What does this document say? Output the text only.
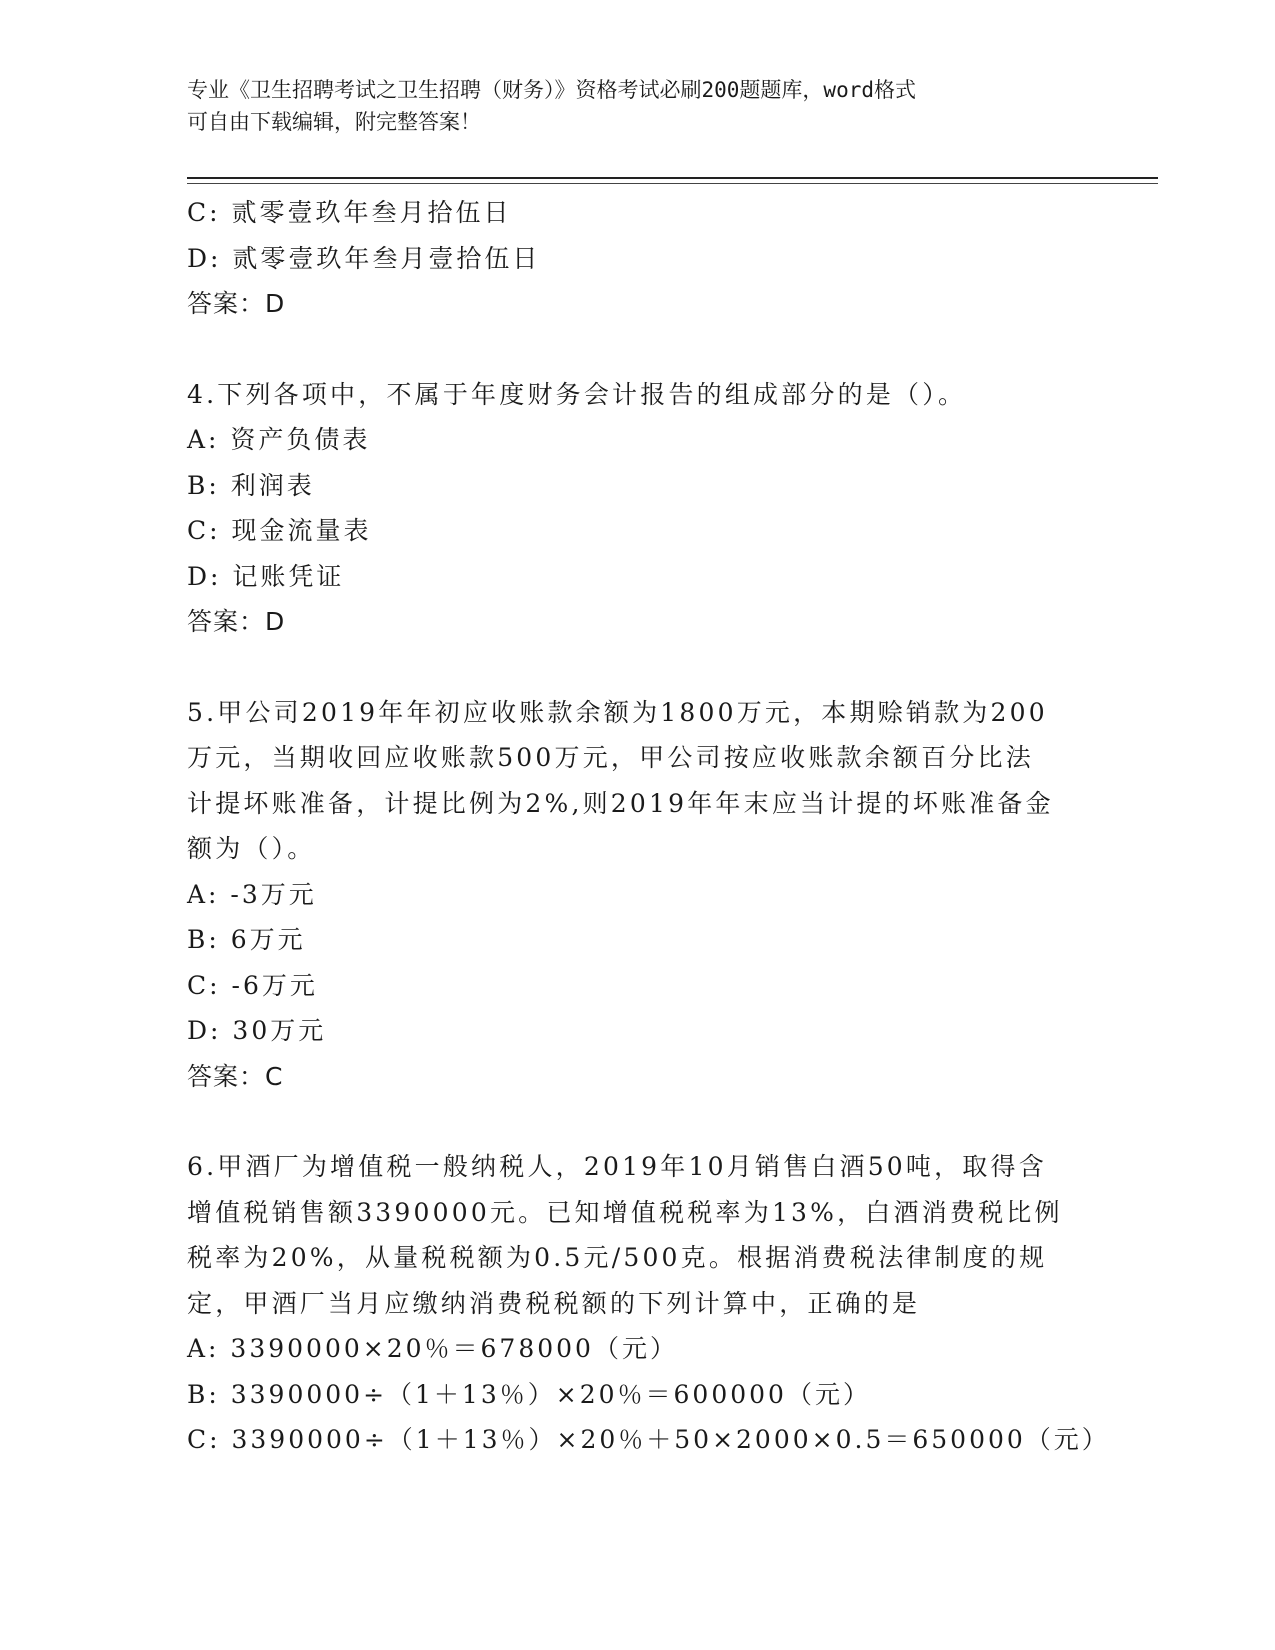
专业《卫生招聘考试之卫生招聘（财务）》资格考试必刷200题题库，word格式
可自由下载编辑，附完整答案！
C: 贰零壹玖年叁月拾伍日
D: 贰零壹玖年叁月壹拾伍日
答案：D
4.下列各项中，不属于年度财务会计报告的组成部分的是（）。
A: 资产负债表
B: 利润表
C: 现金流量表
D: 记账凭证
答案：D
5.甲公司2019年年初应收账款余额为1800万元，本期赊销款为200
万元，当期收回应收账款500万元，甲公司按应收账款余额百分比法
计提坏账准备，计提比例为2%,则2019年年末应当计提的坏账准备金
额为（）。
A: -3万元
B: 6万元
C: -6万元
D: 30万元
答案：C
6.甲酒厂为增值税一般纳税人，2019年10月销售白酒50吨，取得含
增值税销售额3390000元。已知增值税税率为13%，白酒消费税比例
税率为20%，从量税税额为0.5元/500克。根据消费税法律制度的规
定，甲酒厂当月应缴纳消费税税额的下列计算中，正确的是
A: 3390000×20％＝678000（元）
B: 3390000÷（1＋13％）×20％＝600000（元）
C: 3390000÷（1＋13％）×20％＋50×2000×0.5＝650000（元）
